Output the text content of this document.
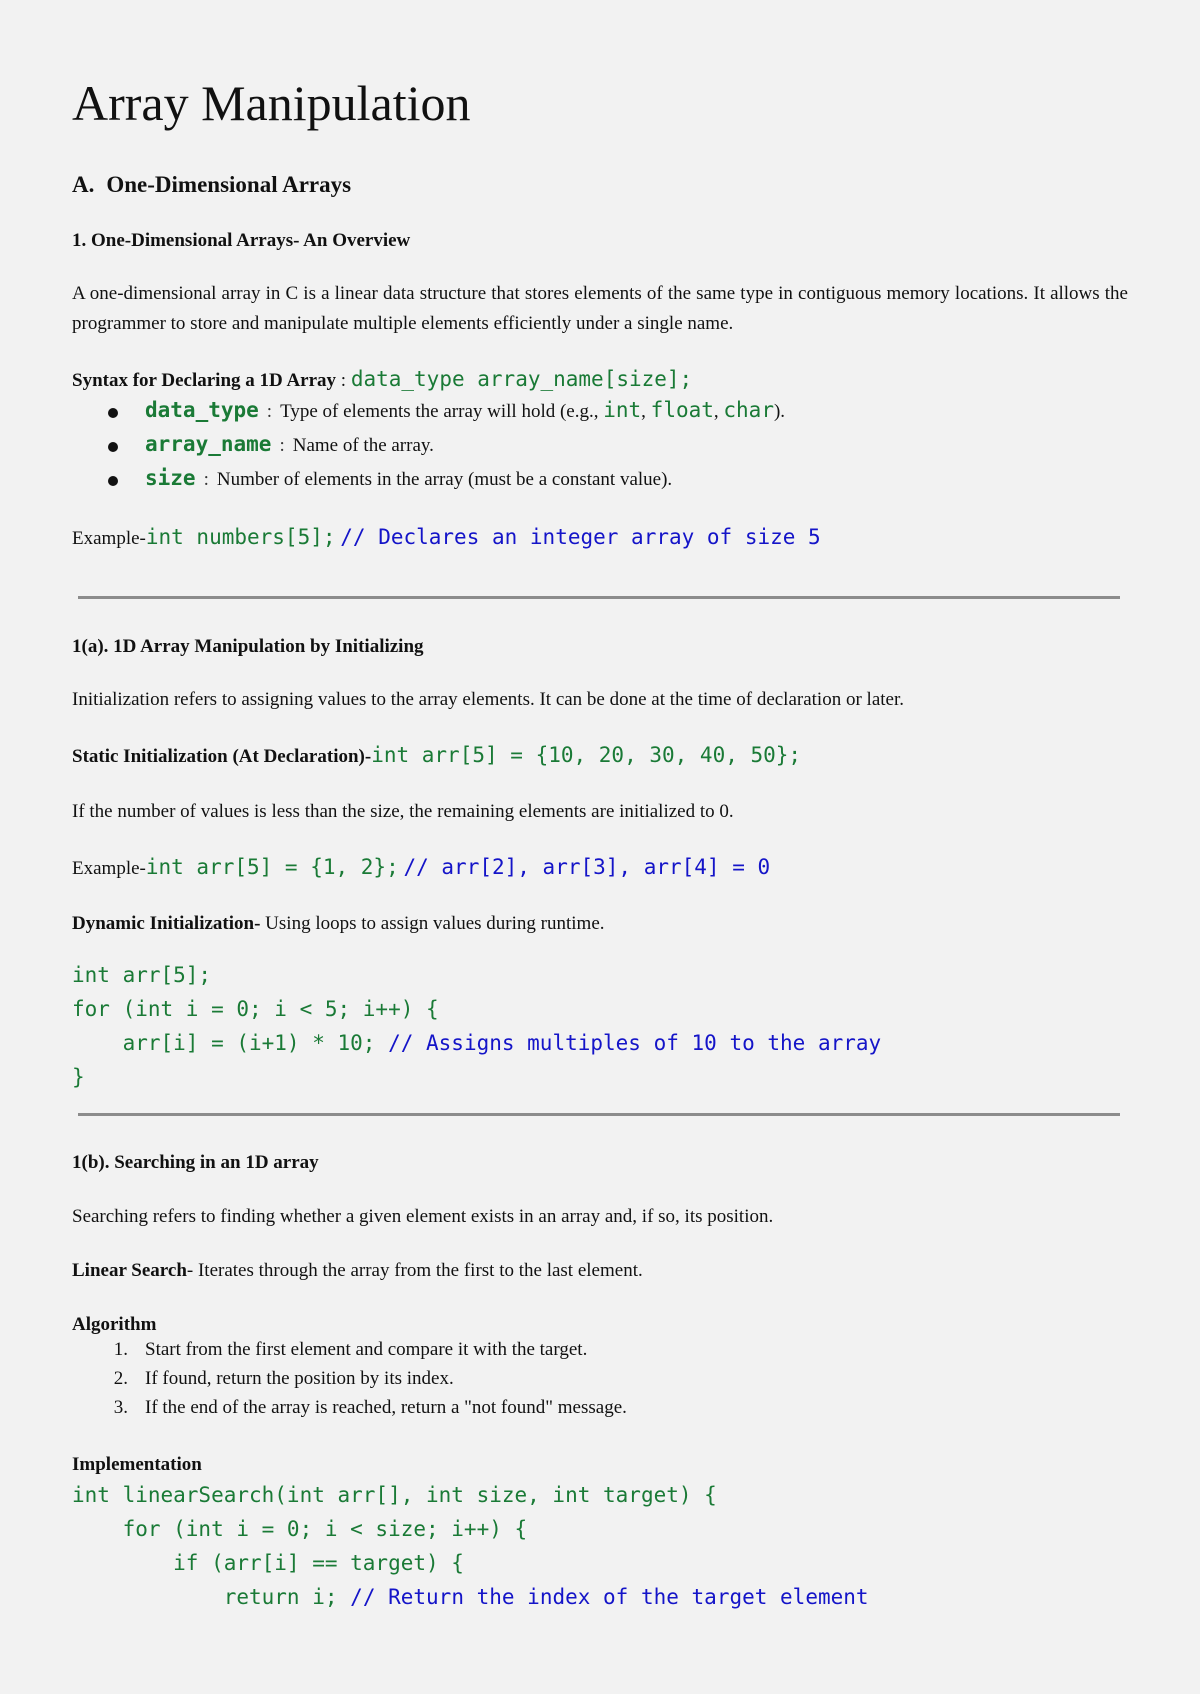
Array Manipulation
A. One-Dimensional Arrays
1. One-Dimensional Arrays- An Overview
A one-dimensional array in C is a linear data structure that stores elements of the same type in contiguous memory locations. It allows the programmer to store and manipulate multiple elements efficiently under a single name.
Syntax for Declaring a 1D Array : data_type array_name[size];
data_type : Type of elements the array will hold (e.g., int, float, char).
array_name : Name of the array.
size : Number of elements in the array (must be a constant value).
Example-int numbers[5]; // Declares an integer array of size 5
1(a). 1D Array Manipulation by Initializing
Initialization refers to assigning values to the array elements. It can be done at the time of declaration or later.
Static Initialization (At Declaration)-int arr[5] = {10, 20, 30, 40, 50};
If the number of values is less than the size, the remaining elements are initialized to 0.
Example-int arr[5] = {1, 2}; // arr[2], arr[3], arr[4] = 0
Dynamic Initialization- Using loops to assign values during runtime.
int arr[5];
for (int i = 0; i < 5; i++) {
arr[i] = (i+1) * 10; // Assigns multiples of 10 to the array
}
1(b). Searching in an 1D array
Searching refers to finding whether a given element exists in an array and, if so, its position.
Linear Search- Iterates through the array from the first to the last element.
Algorithm
1. Start from the first element and compare it with the target.
2. If found, return the position by its index.
3. If the end of the array is reached, return a "not found" message.
Implementation
int linearSearch(int arr[], int size, int target) {
for (int i = 0; i < size; i++) {
if (arr[i] == target) {
return i; // Return the index of the target element
